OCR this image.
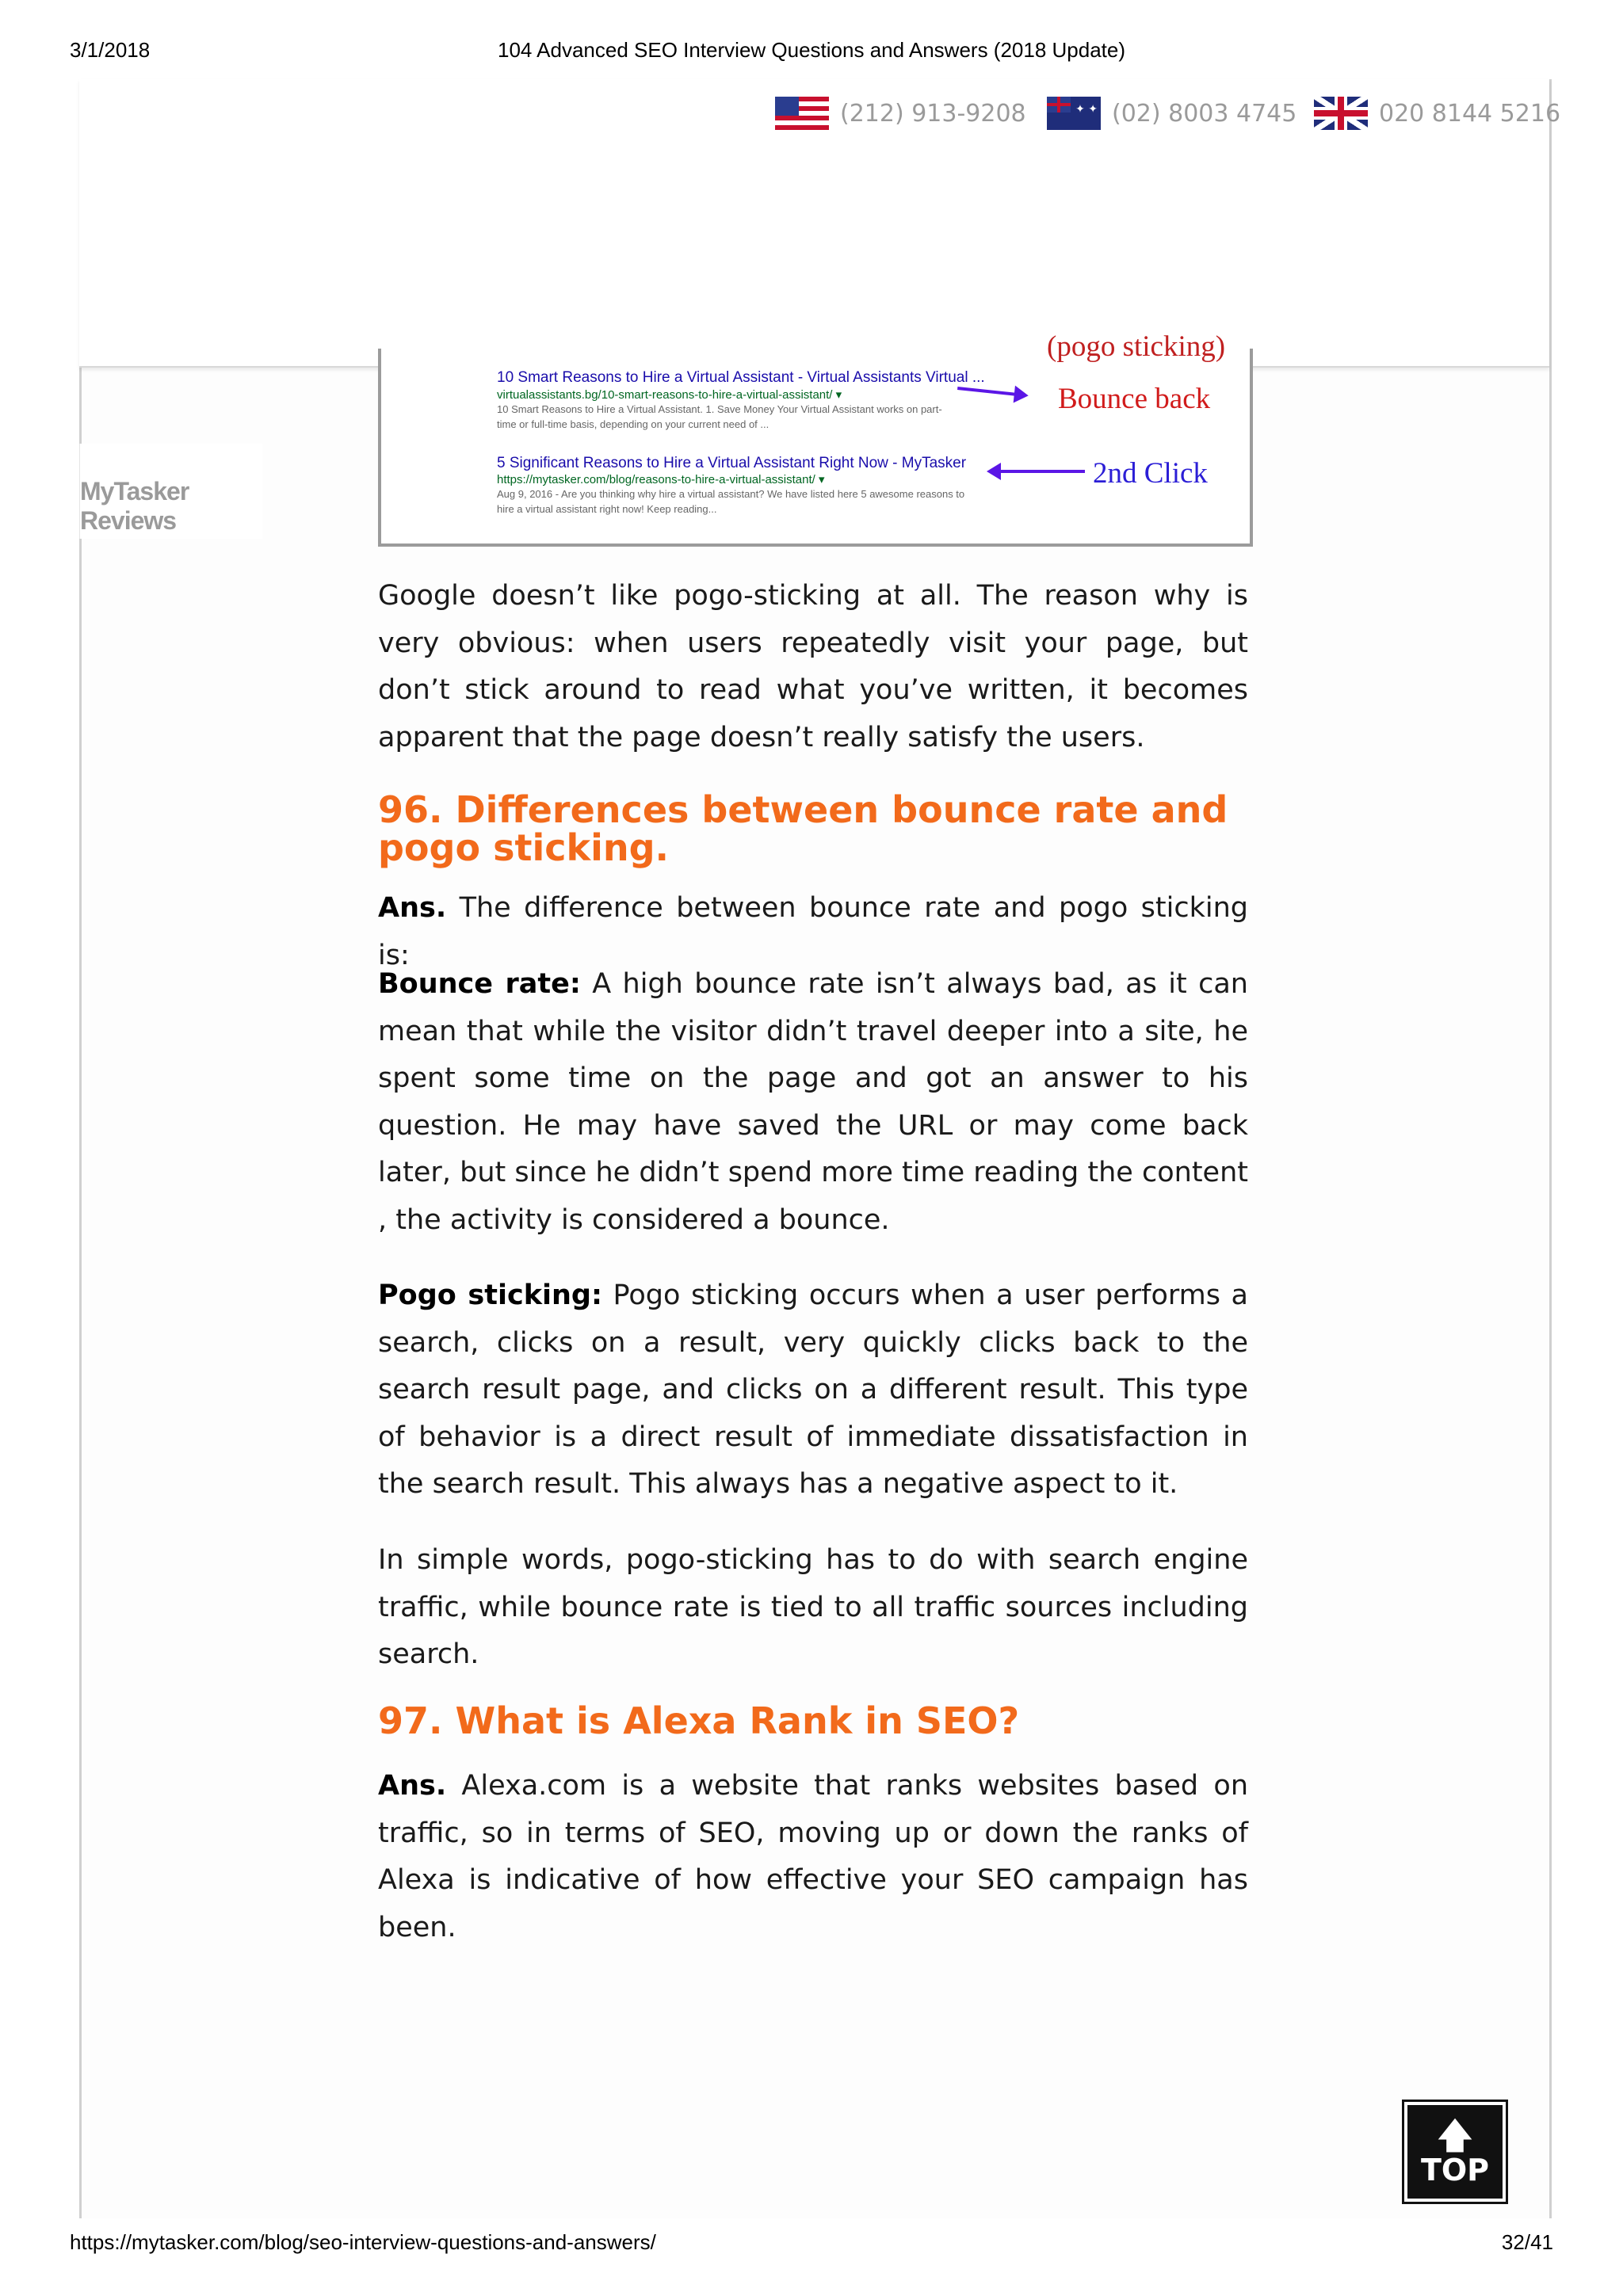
3/1/2018	104 Advanced SEO Interview Questions and Answers (2018 Update)
(212) 913-9208
✦ ✦	(02) 8003 4745	020 8144 5216
MyTasker Reviews
(pogo sticking)
10 Smart Reasons to Hire a Virtual Assistant - Virtual Assistants Virtual ...
virtualassistants.bg/10-smart-reasons-to-hire-a-virtual-assistant/ ▾
10 Smart Reasons to Hire a Virtual Assistant. 1. Save Money Your Virtual Assistant works on part-
time or full-time basis, depending on your current need of ...
Bounce back
5 Significant Reasons to Hire a Virtual Assistant Right Now - MyTasker
https://mytasker.com/blog/reasons-to-hire-a-virtual-assistant/ ▾
Aug 9, 2016 - Are you thinking why hire a virtual assistant? We have listed here 5 awesome reasons to
hire a virtual assistant right now! Keep reading...
2nd Click

Google doesn’t like pogo-sticking at all. The reason why is very obvious: when users repeatedly visit your page, but don’t stick around to read what you’ve written, it becomes apparent that the page doesn’t really satisfy the users.

96. Differences between bounce rate and pogo sticking.

Ans. The difference between bounce rate and pogo sticking is:

Bounce rate: A high bounce rate isn’t always bad, as it can mean that while the visitor didn’t travel deeper into a site, he spent some time on the page and got an answer to his question. He may have saved the URL or may come back later, but since he didn’t spend more time reading the content , the activity is considered a bounce.

Pogo sticking: Pogo sticking occurs when a user performs a search, clicks on a result, very quickly clicks back to the search result page, and clicks on a different result. This type of behavior is a direct result of immediate dissatisfaction in the search result. This always has a negative aspect to it.

In simple words, pogo-sticking has to do with search engine traffic, while bounce rate is tied to all traffic sources including search.

97. What is Alexa Rank in SEO?

Ans. Alexa.com is a website that ranks websites based on traffic, so in terms of SEO, moving up or down the ranks of Alexa is indicative of how effective your SEO campaign has been.

🡅
TOP
https://mytasker.com/blog/seo-interview-questions-and-answers/	32/41
